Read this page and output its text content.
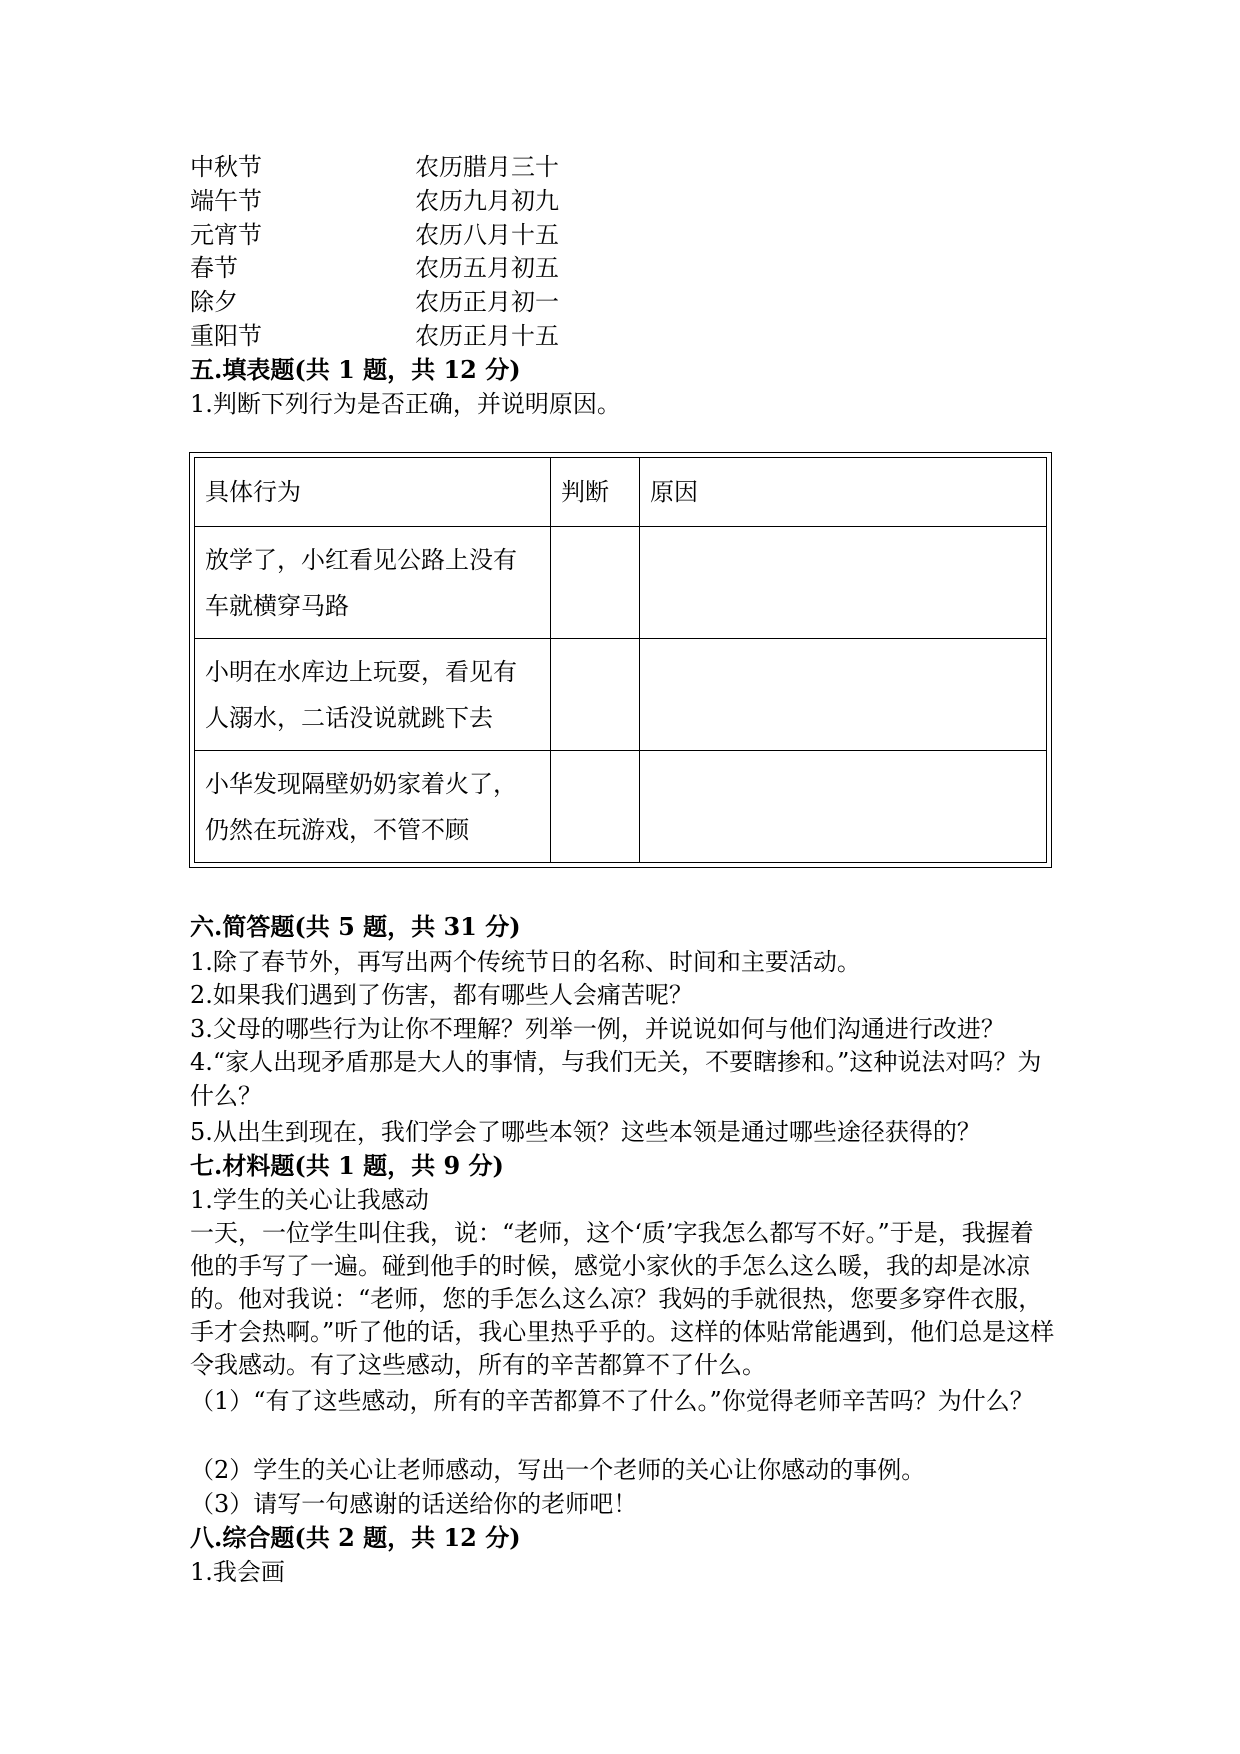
中秋节	农历腊月三十
端午节	农历九月初九
元宵节	农历八月十五
春节	农历五月初五
除夕	农历正月初一
重阳节	农历正月十五
五.填表题(共 1 题，共 12 分)
1.判断下列行为是否正确，并说明原因。
具体行为	判断	原因
放学了，小红看见公路上没有车就横穿马路		
小明在水库边上玩耍，看见有人溺水，二话没说就跳下去		
小华发现隔壁奶奶家着火了，仍然在玩游戏，不管不顾		
六.简答题(共 5 题，共 31 分)
1.除了春节外，再写出两个传统节日的名称、时间和主要活动。
2.如果我们遇到了伤害，都有哪些人会痛苦呢？
3.父母的哪些行为让你不理解？列举一例，并说说如何与他们沟通进行改进？
4.“家人出现矛盾那是大人的事情，与我们无关，不要瞎掺和。”这种说法对吗？为什么？
5.从出生到现在，我们学会了哪些本领？这些本领是通过哪些途径获得的？
七.材料题(共 1 题，共 9 分)
1.学生的关心让我感动
一天，一位学生叫住我，说：“老师，这个‘质’字我怎么都写不好。”于是，我握着他的手写了一遍。碰到他手的时候，感觉小家伙的手怎么这么暖，我的却是冰凉的。他对我说：“老师，您的手怎么这么凉？我妈的手就很热，您要多穿件衣服，手才会热啊。”听了他的话，我心里热乎乎的。这样的体贴常能遇到，他们总是这样令我感动。有了这些感动，所有的辛苦都算不了什么。
（1）“有了这些感动，所有的辛苦都算不了什么。”你觉得老师辛苦吗？为什么？
（2）学生的关心让老师感动，写出一个老师的关心让你感动的事例。
（3）请写一句感谢的话送给你的老师吧！
八.综合题(共 2 题，共 12 分)
1.我会画
